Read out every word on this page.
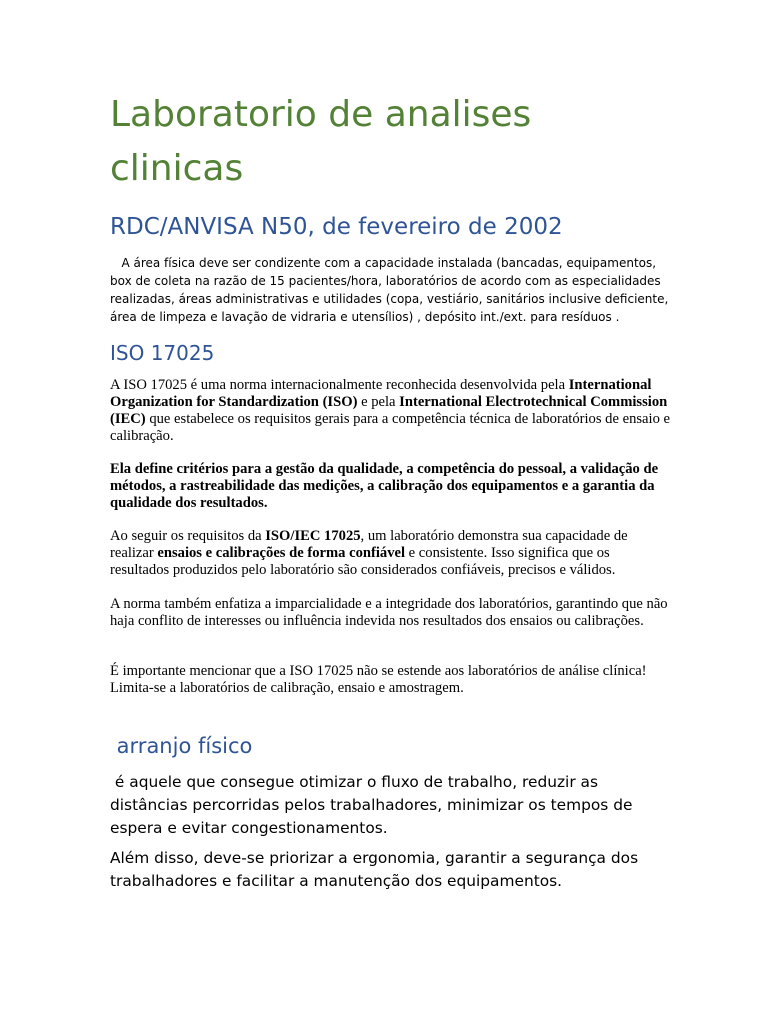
Laboratorio de analises clinicas
RDC/ANVISA N50, de fevereiro de 2002

A área física deve ser condizente com a capacidade instalada (bancadas, equipamentos, box de coleta na razão de 15 pacientes/hora, laboratórios de acordo com as especialidades realizadas, áreas administrativas e utilidades (copa, vestiário, sanitários inclusive deficiente, área de limpeza e lavação de vidraria e utensílios) , depósito int./ext. para resíduos .

ISO 17025

A ISO 17025 é uma norma internacionalmente reconhecida desenvolvida pela International Organization for Standardization (ISO) e pela International Electrotechnical Commission (IEC) que estabelece os requisitos gerais para a competência técnica de laboratórios de ensaio e calibração.

Ela define critérios para a gestão da qualidade, a competência do pessoal, a validação de métodos, a rastreabilidade das medições, a calibração dos equipamentos e a garantia da qualidade dos resultados.

Ao seguir os requisitos da ISO/IEC 17025, um laboratório demonstra sua capacidade de realizar ensaios e calibrações de forma confiável e consistente. Isso significa que os resultados produzidos pelo laboratório são considerados confiáveis, precisos e válidos.

A norma também enfatiza a imparcialidade e a integridade dos laboratórios, garantindo que não haja conflito de interesses ou influência indevida nos resultados dos ensaios ou calibrações.

É importante mencionar que a ISO 17025 não se estende aos laboratórios de análise clínica! Limita-se a laboratórios de calibração, ensaio e amostragem.

arranjo físico

é aquele que consegue otimizar o fluxo de trabalho, reduzir as distâncias percorridas pelos trabalhadores, minimizar os tempos de espera e evitar congestionamentos.

Além disso, deve-se priorizar a ergonomia, garantir a segurança dos trabalhadores e facilitar a manutenção dos equipamentos.
